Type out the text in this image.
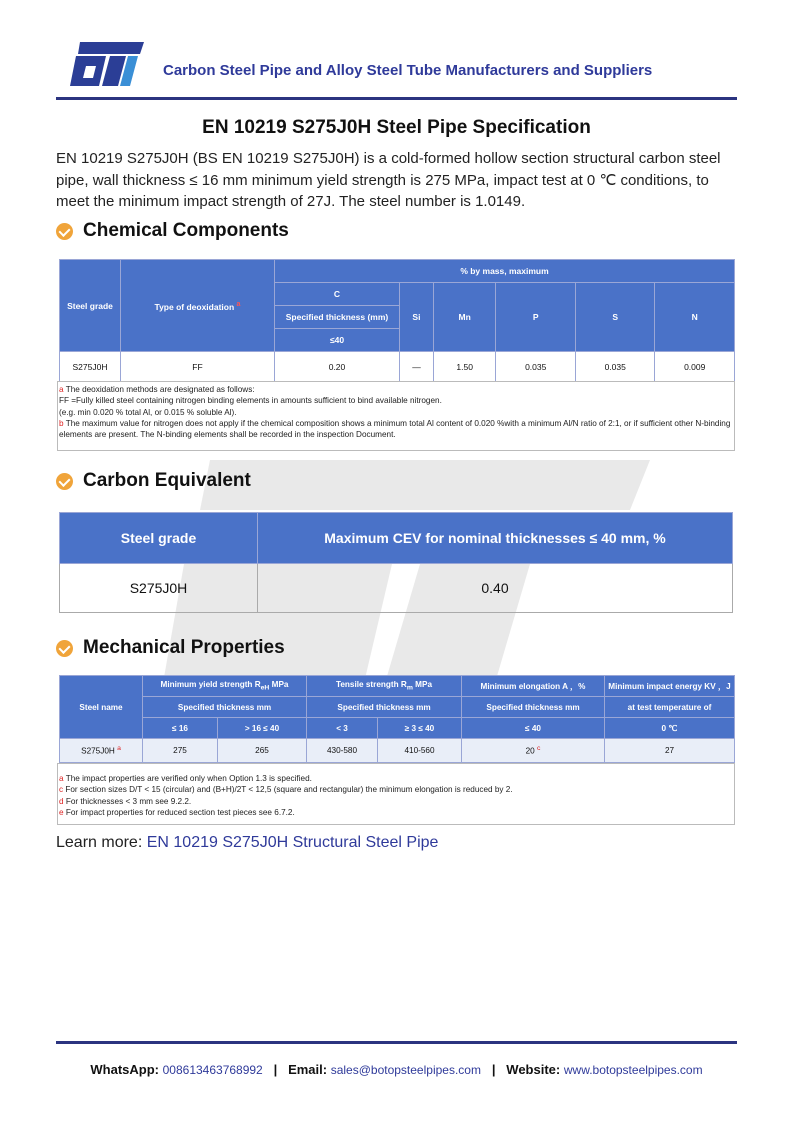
Carbon Steel Pipe and Alloy Steel Tube Manufacturers and Suppliers
EN 10219 S275J0H Steel Pipe Specification
EN 10219 S275J0H (BS EN 10219 S275J0H) is a cold-formed hollow section structural carbon steel pipe, wall thickness ≤ 16 mm minimum yield strength is 275 MPa, impact test at 0 ℃ conditions, to meet the minimum impact strength of 27J. The steel number is 1.0149.
Chemical Components
Steel grade	Type of deoxidation $^a$	% by mass, maximum					
		C	Si	Mn	P	S	N
		Specified thickness (mm)					
		≤40					
S275J0H	FF	0.20	—	1.50	0.035	0.035	0.009
a The deoxidation methods are designated as follows:
FF =Fully killed steel containing nitrogen binding elements in amounts sufficient to bind available nitrogen.
(e.g. min 0.020 % total Al, or 0.015 % soluble Al).
b The maximum value for nitrogen does not apply if the chemical composition shows a minimum total Al content of 0.020 %with a minimum Al/N ratio of 2:1, or if sufficient other N-binding elements are present. The N-binding elements shall be recorded in the inspection Document.
Carbon Equivalent
Steel grade	Maximum CEV for nominal thicknesses ≤ 40 mm, %
S275J0H	0.40
Mechanical Properties
Steel name	Minimum yield strength $R_{eH}$ MPa		Tensile strength $R_m$ MPa		Minimum elongation A ，%	Minimum impact energy KV ，J
	Specified thickness mm		Specified thickness mm		Specified thickness mm	at test temperature of
	≤ 16	> 16 ≤ 40	< 3	≥ 3 ≤ 40	≤ 40	0 ℃
S275J0H $^a$	275	265	430-580	410-560	20 $^c$	27
a The impact properties are verified only when Option 1.3 is specified.
c For section sizes D/T < 15 (circular) and (B+H)/2T < 12,5 (square and rectangular) the minimum elongation is reduced by 2.
d For thicknesses < 3 mm see 9.2.2.
e For impact properties for reduced section test pieces see 6.7.2.
Learn more: EN 10219 S275J0H Structural Steel Pipe
WhatsApp: 008613463768992 | Email: sales@botopsteelpipes.com | Website: www.botopsteelpipes.com
